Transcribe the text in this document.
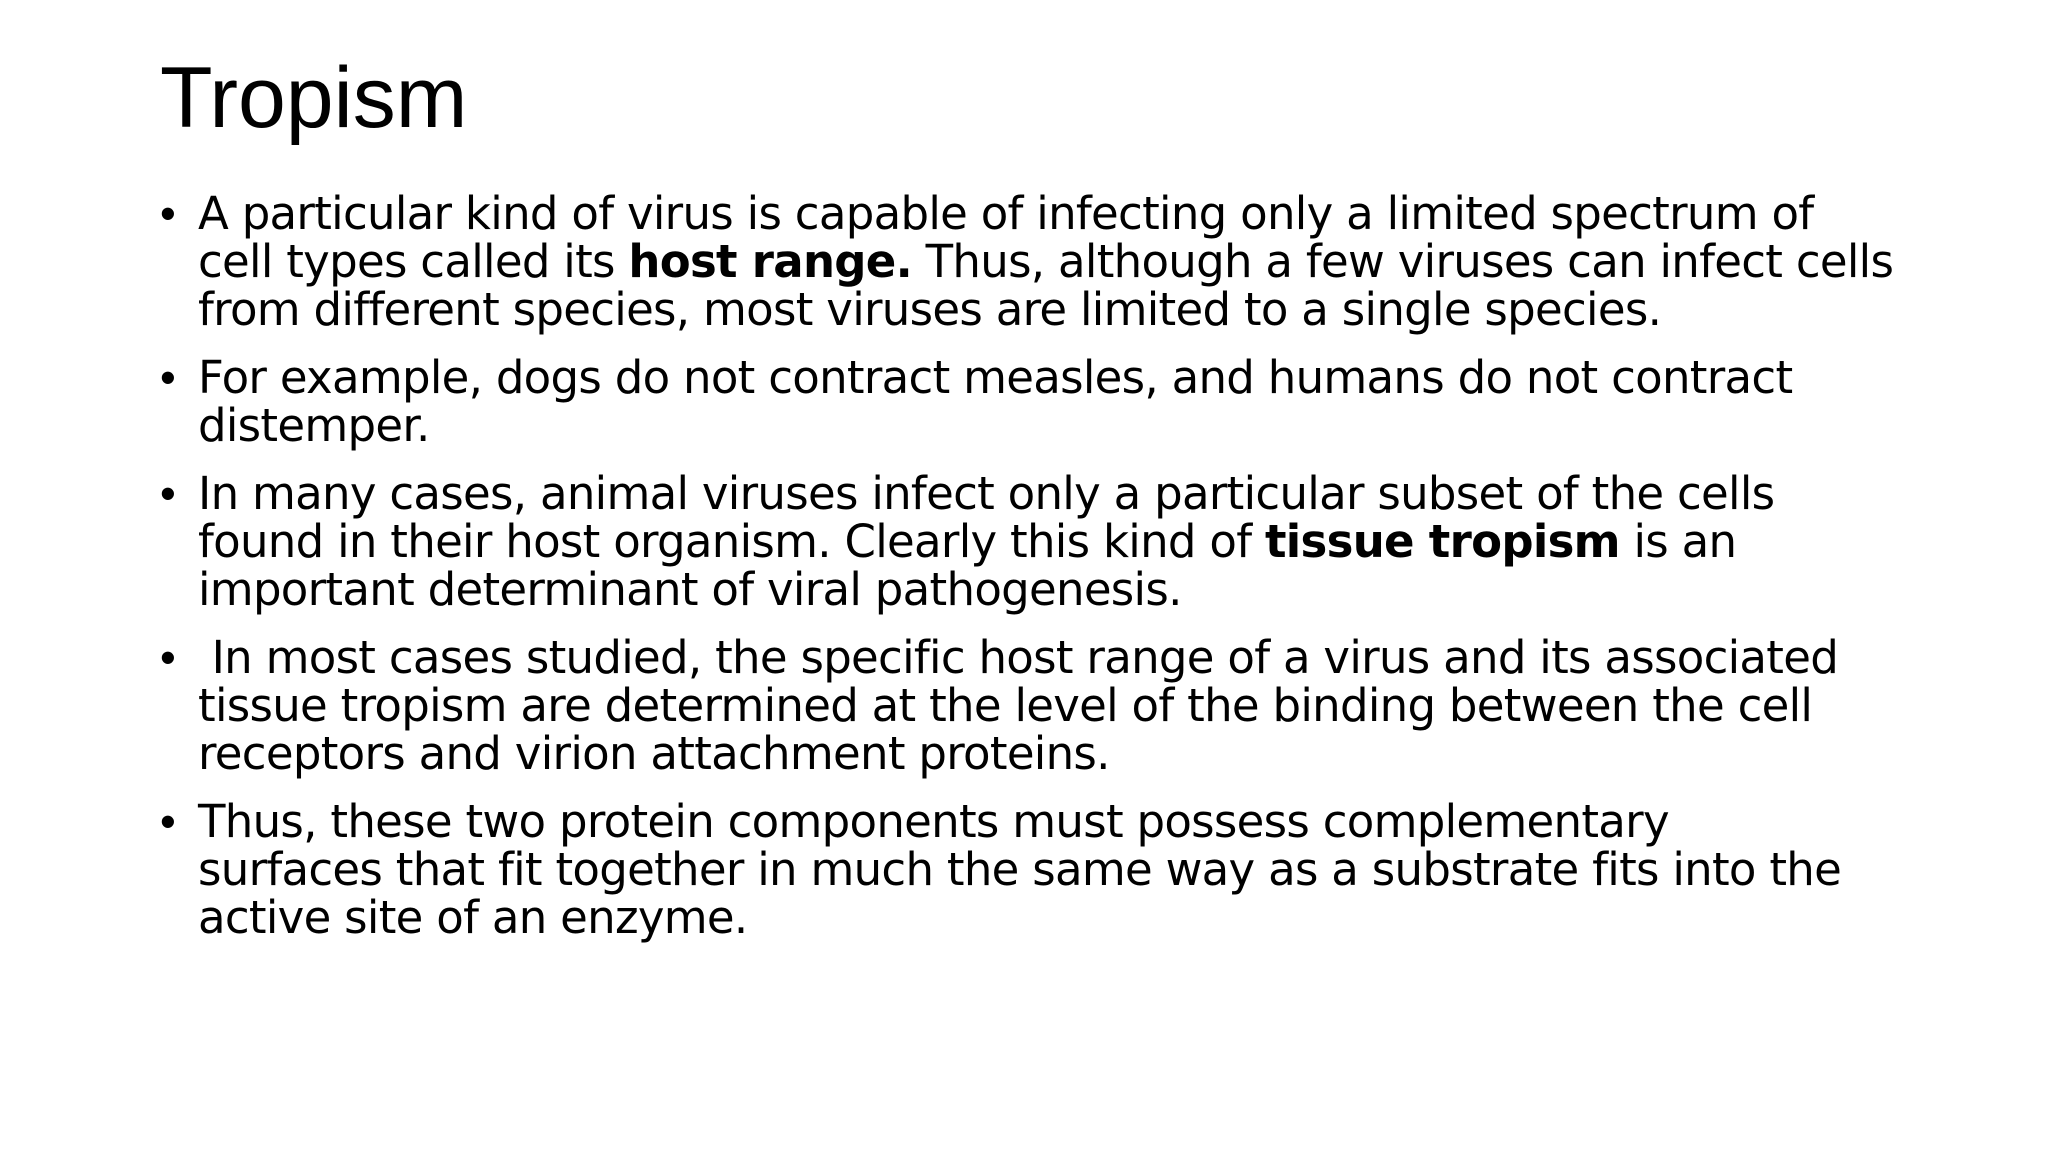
Tropism
• A particular kind of virus is capable of infecting only a limited spectrum of
cell types called its host range. Thus, although a few viruses can infect cells
from different species, most viruses are limited to a single species.
• For example, dogs do not contract measles, and humans do not contract
distemper.
• In many cases, animal viruses infect only a particular subset of the cells
found in their host organism. Clearly this kind of tissue tropism is an
important determinant of viral pathogenesis.
• In most cases studied, the specific host range of a virus and its associated
tissue tropism are determined at the level of the binding between the cell
receptors and virion attachment proteins.
• Thus, these two protein components must possess complementary
surfaces that fit together in much the same way as a substrate fits into the
active site of an enzyme.
